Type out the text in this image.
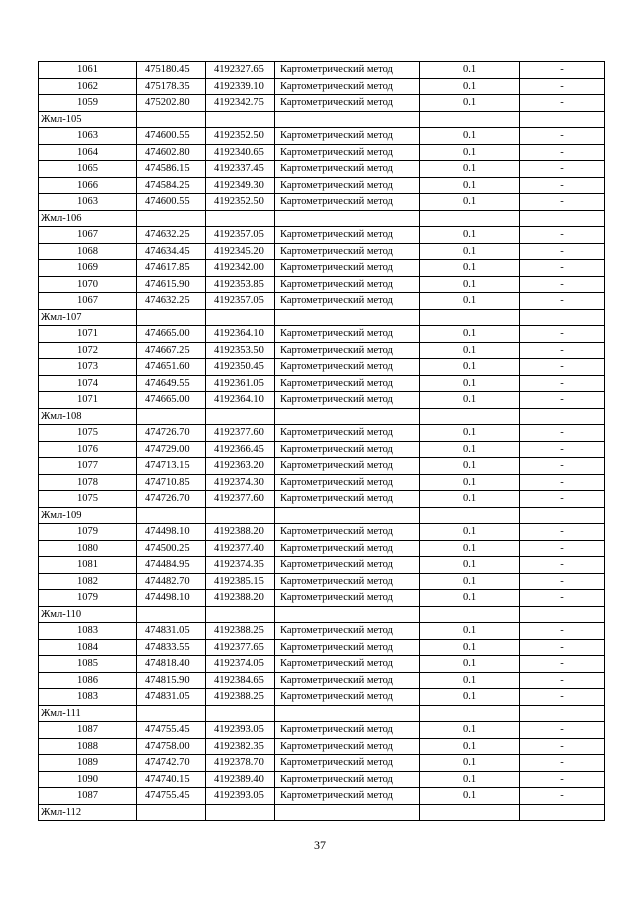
1061	475180.45	4192327.65	Картометрический метод	0.1	-
1062	475178.35	4192339.10	Картометрический метод	0.1	-
1059	475202.80	4192342.75	Картометрический метод	0.1	-
Жмл-105					
1063	474600.55	4192352.50	Картометрический метод	0.1	-
1064	474602.80	4192340.65	Картометрический метод	0.1	-
1065	474586.15	4192337.45	Картометрический метод	0.1	-
1066	474584.25	4192349.30	Картометрический метод	0.1	-
1063	474600.55	4192352.50	Картометрический метод	0.1	-
Жмл-106					
1067	474632.25	4192357.05	Картометрический метод	0.1	-
1068	474634.45	4192345.20	Картометрический метод	0.1	-
1069	474617.85	4192342.00	Картометрический метод	0.1	-
1070	474615.90	4192353.85	Картометрический метод	0.1	-
1067	474632.25	4192357.05	Картометрический метод	0.1	-
Жмл-107					
1071	474665.00	4192364.10	Картометрический метод	0.1	-
1072	474667.25	4192353.50	Картометрический метод	0.1	-
1073	474651.60	4192350.45	Картометрический метод	0.1	-
1074	474649.55	4192361.05	Картометрический метод	0.1	-
1071	474665.00	4192364.10	Картометрический метод	0.1	-
Жмл-108					
1075	474726.70	4192377.60	Картометрический метод	0.1	-
1076	474729.00	4192366.45	Картометрический метод	0.1	-
1077	474713.15	4192363.20	Картометрический метод	0.1	-
1078	474710.85	4192374.30	Картометрический метод	0.1	-
1075	474726.70	4192377.60	Картометрический метод	0.1	-
Жмл-109					
1079	474498.10	4192388.20	Картометрический метод	0.1	-
1080	474500.25	4192377.40	Картометрический метод	0.1	-
1081	474484.95	4192374.35	Картометрический метод	0.1	-
1082	474482.70	4192385.15	Картометрический метод	0.1	-
1079	474498.10	4192388.20	Картометрический метод	0.1	-
Жмл-110					
1083	474831.05	4192388.25	Картометрический метод	0.1	-
1084	474833.55	4192377.65	Картометрический метод	0.1	-
1085	474818.40	4192374.05	Картометрический метод	0.1	-
1086	474815.90	4192384.65	Картометрический метод	0.1	-
1083	474831.05	4192388.25	Картометрический метод	0.1	-
Жмл-111					
1087	474755.45	4192393.05	Картометрический метод	0.1	-
1088	474758.00	4192382.35	Картометрический метод	0.1	-
1089	474742.70	4192378.70	Картометрический метод	0.1	-
1090	474740.15	4192389.40	Картометрический метод	0.1	-
1087	474755.45	4192393.05	Картометрический метод	0.1	-
Жмл-112					
37
